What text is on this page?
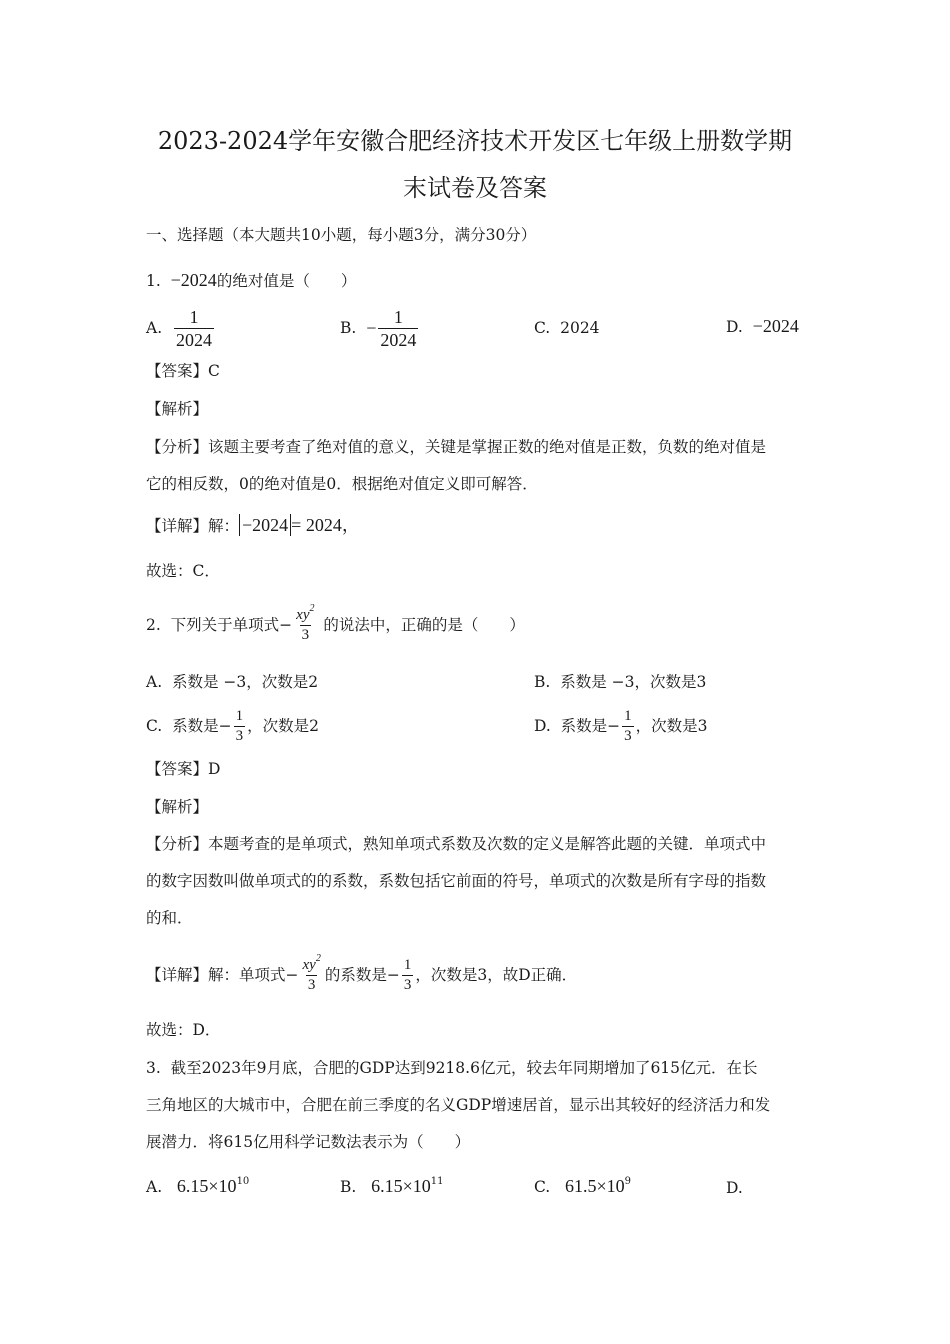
2023-2024学年安徽合肥经济技术开发区七年级上册数学期
末试卷及答案
一、选择题（本大题共10小题，每小题3分，满分30分）
1. −2024的绝对值是（　　）
A.
$\frac{1}{2024}$	B.
− $\frac{1}{2024}$	C. 2024	D. −2024
【答案】C
【解析】
【分析】该题主要考查了绝对值的意义，关键是掌握正数的绝对值是正数，负数的绝对值是
它的相反数，0的绝对值是0．根据绝对值定义即可解答．
【详解】解： −2024 = 2024，
故选：C．
2.
下列关于单项式− $\frac{xy^2}{3}$
的说法中，正确的是（　　）
A. 系数是 −3，次数是2	B. 系数是 −3，次数是3
C.
系数是− $\frac{1}{3}$ ，次数是2	D.
系数是− $\frac{1}{3}$ ，次数是3
【答案】D
【解析】
【分析】本题考查的是单项式，熟知单项式系数及次数的定义是解答此题的关键．单项式中
的数字因数叫做单项式的的系数，系数包括它前面的符号，单项式的次数是所有字母的指数
的和．
【详解】解：单项式− $\frac{xy^2}{3}$ 的系数是− $\frac{1}{3}$ ，次数是3，故D正确．
故选：D．
3. 截至2023年9月底，合肥的GDP达到9218.6亿元，较去年同期增加了615亿元．在长
三角地区的大城市中，合肥在前三季度的名义GDP增速居首，显示出其较好的经济活力和发
展潜力．将615亿用科学记数法表示为（　　）
A. $6.15\times 10^{10}$	B. $6.15\times 10^{11}$	C. $61.5\times 10^9$	D.
